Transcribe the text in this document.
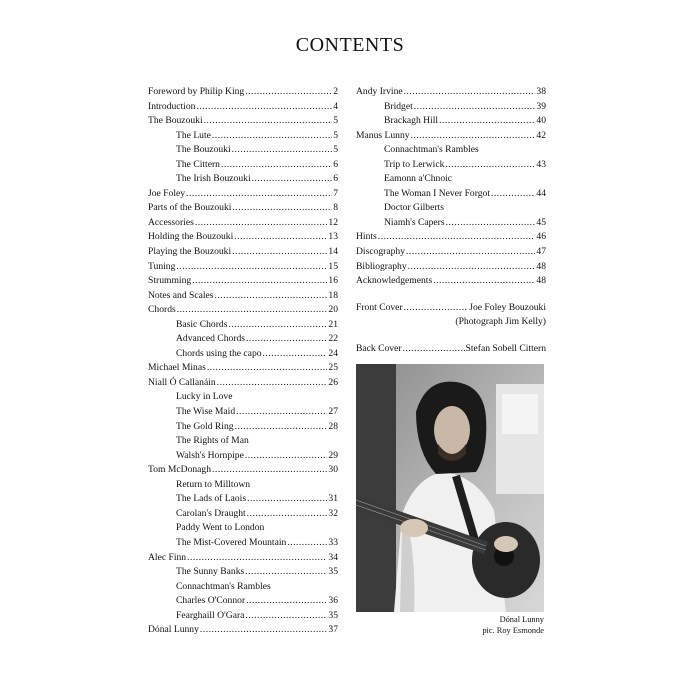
CONTENTS
Foreword by Philip King .....	2
Introduction .....	4
The Bouzouki .....	5
The Lute .....	5
The Bouzouki .....	5
The Cittern .....	6
The Irish Bouzouki .....	6
Joe Foley .....	7
Parts of the Bouzouki .....	8
Accessories .....	12
Holding the Bouzouki .....	13
Playing the Bouzouki .....	14
Tuning .....	15
Strumming .....	16
Notes and Scales .....	18
Chords .....	20
Basic Chords .....	21
Advanced Chords .....	22
Chords using the capo .....	24
Michael Minas .....	25
Niall Ó Callanáin .....	26
Lucky in Love
The Wise Maid .....	27
The Gold Ring .....	28
The Rights of Man
Walsh's Hornpipe .....	29
Tom McDonagh .....	30
Return to Milltown
The Lads of Laois .....	31
Carolan's Draught .....	32
Paddy Went to London
The Mist-Covered Mountain .....	33
Alec Finn .....	34
The Sunny Banks .....	35
Connachtman's Rambles
Charles O'Connor .....	36
Fearghaill O'Gara .....	35
Dónal Lunny .....	37
Andy Irvine .....	38
Bridget .....	39
Brackagh Hill .....	40
Manus Lunny .....	42
Connachtman's Rambles
Trip to Lerwick .....	43
Eamonn a'Chnoic
The Woman I Never Forgot .....	44
Doctor Gilberts
Niamh's Capers .....	45
Hints .....	46
Discography .....	47
Bibliography .....	48
Acknowledgements .....	48
Front Cover .....	Joe Foley Bouzouki
(Photograph Jim Kelly)
Back Cover .....	Stefan Sobell Cittern
Dónal Lunny
pic. Roy Esmonde
